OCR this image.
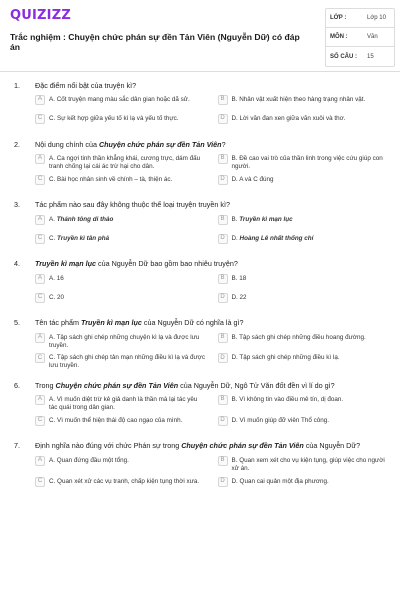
QUIZIZZ
Trắc nghiệm : Chuyện chức phán sự đền Tản Viên (Nguyễn Dữ) có đáp án
LỚP :	Lớp 10
MÔN :	Văn
SỐ CÂU :	15
1.	Đặc điểm nổi bật của truyện kì?
A	A. Cốt truyện mang màu sắc dân gian hoặc dã sử.	B	B. Nhân vật xuất hiện theo hàng trạng nhân vật.
C	C. Sự kết hợp giữa yếu tố kì lạ và yếu tố thực.	D	D. Lời văn đan xen giữa văn xuôi và thơ.
2.	Nội dung chính của Chuyện chức phán sự đền Tản Viên?
A	A. Ca ngợi tinh thần khẳng khái, cương trực, dám đấu tranh chống lại cái ác trừ hại cho dân.
B	B. Đề cao vai trò của thần linh trong việc cứu giúp con người.
C	C. Bài học nhân sinh về chính – tà, thiện ác.	D	D. A và C đúng
3.	Tác phẩm nào sau đây không thuộc thể loại truyện truyền kì?
A	A. Thánh tông di thảo	B	B. Truyền kì mạn lục
C	C. Truyền kì tân phả	D	D. Hoàng Lê nhất thống chí
4.	Truyền kì mạn lục của Nguyễn Dữ bao gồm bao nhiêu truyện?
A	A. 16	B	B. 18
C	C. 20	D	D. 22
5.	Tên tác phẩm Truyền kì mạn lục của Nguyễn Dữ có nghĩa là gì?
A	A. Tập sách ghi chép những chuyện kì lạ và được lưu truyền.
B	B. Tập sách ghi chép những điều hoang đường.
C	C. Tập sách ghi chép tản mạn những điều kì lạ và được lưu truyền.
D	D. Tập sách ghi chép những điều kì lạ.
6.	Trong Chuyện chức phán sự đền Tản Viên của Nguyễn Dữ, Ngô Tử Văn đốt đền vì lí do gì?
A	A. Vì muốn diệt trừ kẻ giả danh là thần mà lại tác yêu tác quái trong dân gian.
B	B. Vì không tin vào điều mê tín, dị đoan.
C	C. Vì muốn thể hiện thái độ cao ngạo của mình.	D	D. Vì muốn giúp đỡ viên Thổ công.
7.	Định nghĩa nào đúng với chức Phán sự trong Chuyện chức phán sự đền Tản Viên của Nguyễn Dữ?
A	A. Quan đứng đầu một tổng.	B	B. Quan xem xét cho vụ kiện tụng, giúp việc cho người xử án.
C	C. Quan xét xử các vụ tranh, chấp kiện tụng thời xưa.	D	D. Quan cai quản một địa phương.
